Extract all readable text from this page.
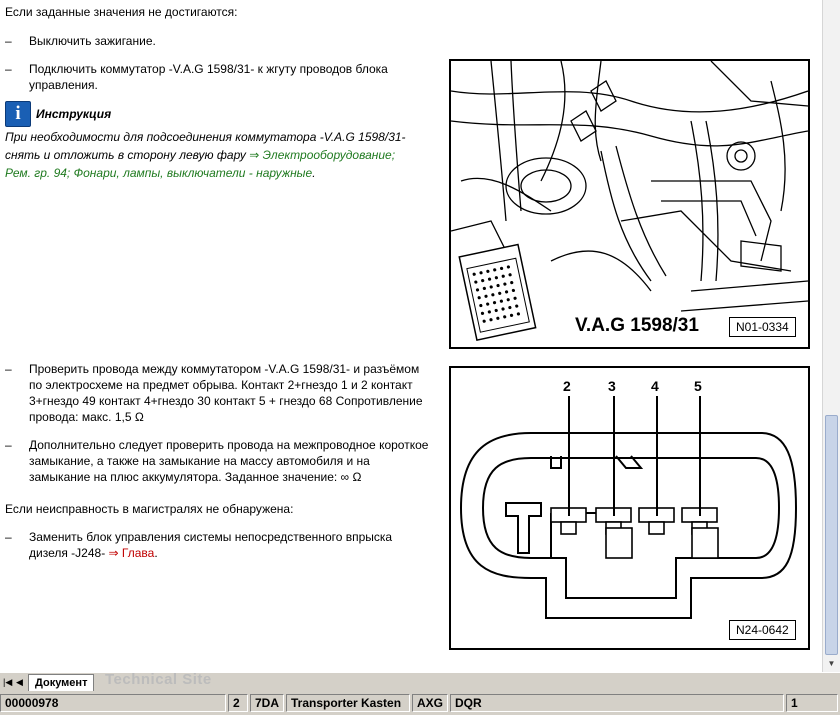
Если заданные значения не достигаются:
– Выключить зажигание.
– Подключить коммутатор -V.A.G 1598/31- к жгуту проводов блока
управления.
i	Инструкция
При необходимости для подсоединения коммутатора -V.A.G 1598/31-
снять и отложить в сторону левую фару ⇒ Электрооборудование;
Рем. гр. 94; Фонари, лампы, выключатели - наружные.
V.A.G 1598/31	N01-0334
– Проверить провода между коммутатором -V.A.G 1598/31- и разъёмом
по электросхеме на предмет обрыва. Контакт 2+гнездо 1 и 2 контакт
3+гнездо 49 контакт 4+гнездо 30 контакт 5 + гнездо 68 Сопротивление
провода: макс. 1,5 Ω
– Дополнительно следует проверить провода на межпроводное короткое
замыкание, а также на замыкание на массу автомобиля и на
замыкание на плюс аккумулятора. Заданное значение: ∞ Ω
Если неисправность в магистралях не обнаружена:
– Заменить блок управления системы непосредственного впрыска
дизеля -J248- ⇒ Глава.
2	3	4	5
N24-0642
▼
|◀ ◀	Документ	Technical Site
00000978	2	7DA Transporter Kasten	AXG DQR	1
